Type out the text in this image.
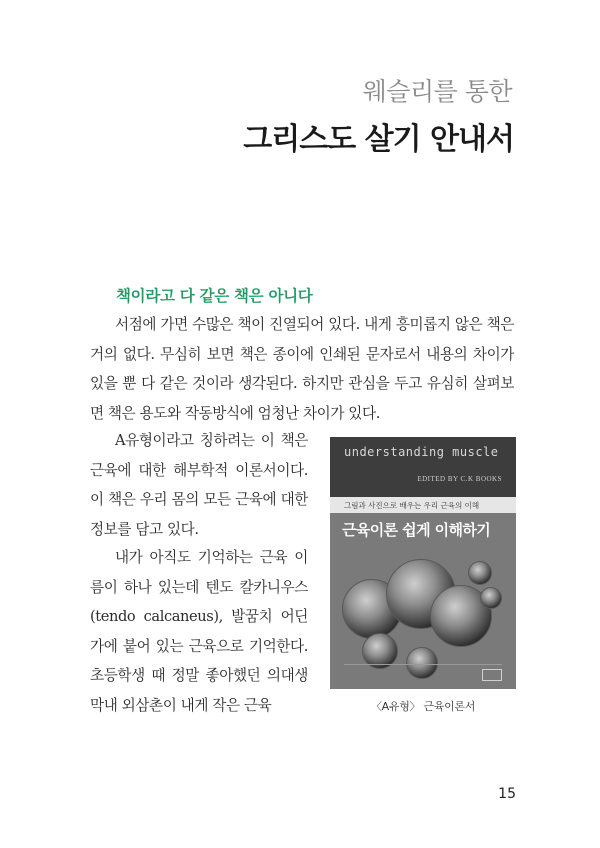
웨슬리를 통한
그리스도 살기 안내서
책이라고 다 같은 책은 아니다

서점에 가면 수많은 책이 진열되어 있다. 내게 흥미롭지 않은 책은 거의 없다. 무심히 보면 책은 종이에 인쇄된 문자로서 내용의 차이가 있을 뿐 다 같은 것이라 생각된다. 하지만 관심을 두고 유심히 살펴보면 책은 용도와 작동방식에 엄청난 차이가 있다.

A유형이라고 칭하려는 이 책은 근육에 대한 해부학적 이론서이다. 이 책은 우리 몸의 모든 근육에 대한 정보를 담고 있다.

내가 아직도 기억하는 근육 이름이 하나 있는데 텐도 칼카니우스(tendo calcaneus), 발꿈치 어딘가에 붙어 있는 근육으로 기억한다. 초등학생 때 정말 좋아했던 의대생 막내 외삼촌이 내게 작은 근육

understanding muscle
EDITED BY C.K BOOKS
그림과 사진으로 배우는 우리 근육의 이해
근육이론 쉽게 이해하기
〈A유형〉 근육이론서
15
